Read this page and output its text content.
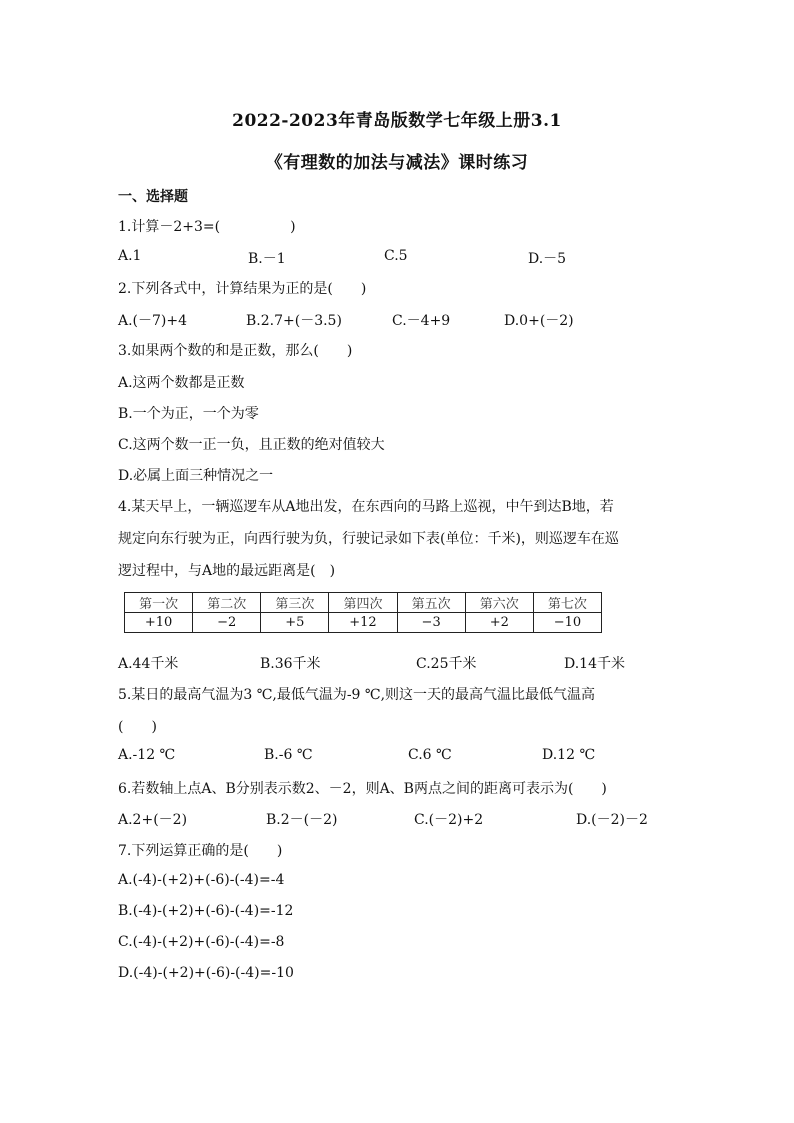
2022-2023年青岛版数学七年级上册3.1
《有理数的加法与减法》课时练习
一、选择题
1.计算－2+3=(　　　　　)
A.1	B.－1	C.5	D.－5
2.下列各式中，计算结果为正的是(　　)
A.(－7)+4	B.2.7+(－3.5)	C.－4+9	D.0+(－2)
3.如果两个数的和是正数，那么(　　)
A.这两个数都是正数
B.一个为正，一个为零
C.这两个数一正一负，且正数的绝对值较大
D.必属上面三种情况之一
4.某天早上，一辆巡逻车从A地出发，在东西向的马路上巡视，中午到达B地，若
规定向东行驶为正，向西行驶为负，行驶记录如下表(单位：千米)，则巡逻车在巡
逻过程中，与A地的最远距离是(　)
第一次	第二次	第三次	第四次	第五次	第六次	第七次
+10	−2	+5	+12	−3	+2	−10
A.44千米	B.36千米	C.25千米	D.14千米
5.某日的最高气温为3 ℃,最低气温为-9 ℃,则这一天的最高气温比最低气温高
(　　)
A.-12 ℃	B.-6 ℃	C.6 ℃	D.12 ℃
6.若数轴上点A、B分别表示数2、－2，则A、B两点之间的距离可表示为(　　)
A.2+(－2)	B.2－(－2)	C.(－2)+2	D.(－2)－2
7.下列运算正确的是(　　)
A.(-4)-(+2)+(-6)-(-4)=-4
B.(-4)-(+2)+(-6)-(-4)=-12
C.(-4)-(+2)+(-6)-(-4)=-8
D.(-4)-(+2)+(-6)-(-4)=-10
